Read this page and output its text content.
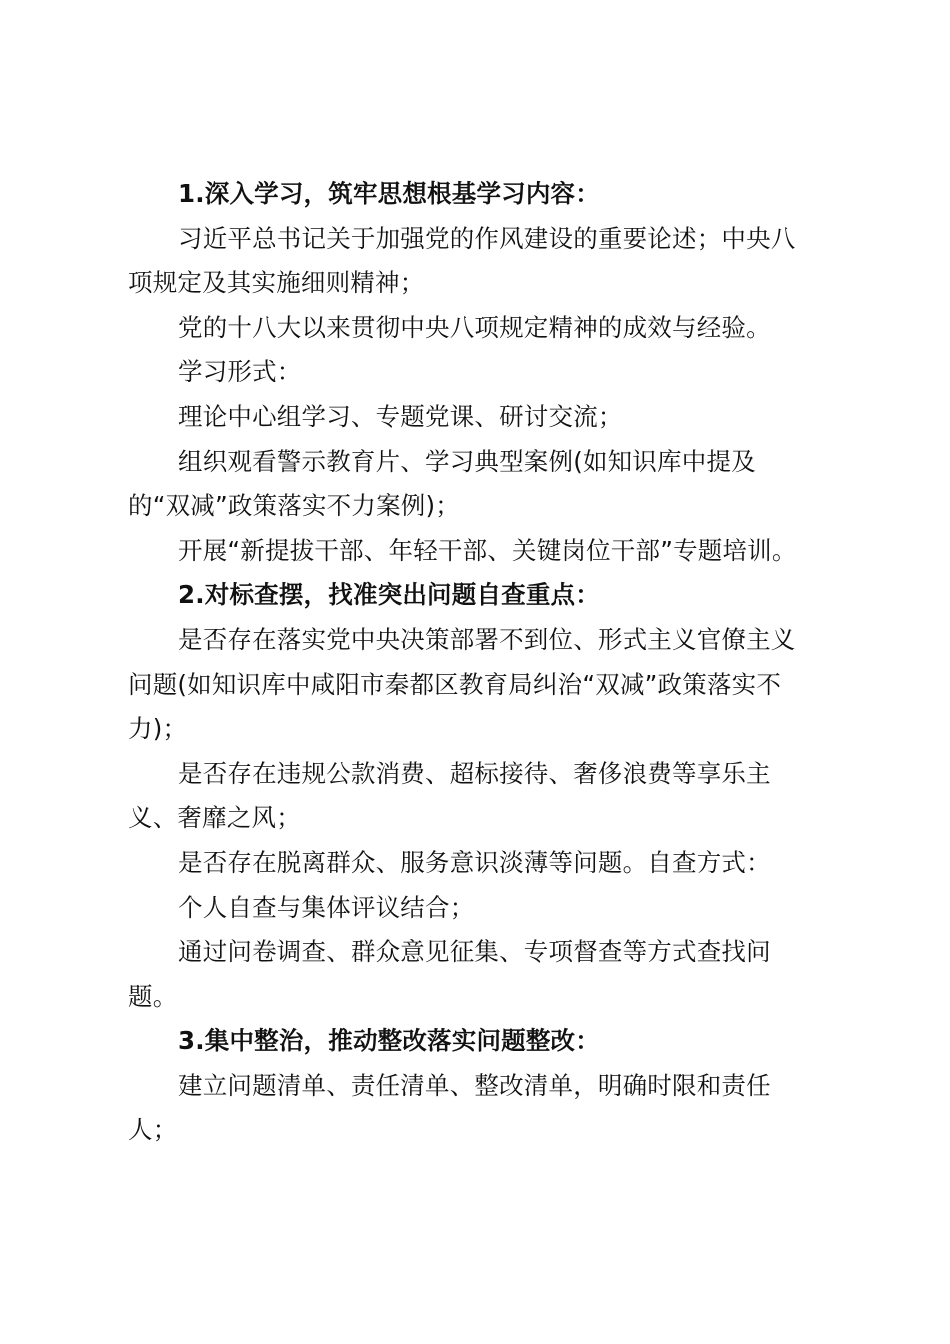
1.深入学习，筑牢思想根基学习内容：

习近平总书记关于加强党的作风建设的重要论述；中央八项规定及其实施细则精神；

党的十八大以来贯彻中央八项规定精神的成效与经验。

学习形式：

理论中心组学习、专题党课、研讨交流；

组织观看警示教育片、学习典型案例(如知识库中提及的“双减”政策落实不力案例)；

开展“新提拔干部、年轻干部、关键岗位干部”专题培训。

2.对标查摆，找准突出问题自查重点：

是否存在落实党中央决策部署不到位、形式主义官僚主义问题(如知识库中咸阳市秦都区教育局纠治“双减”政策落实不力)；

是否存在违规公款消费、超标接待、奢侈浪费等享乐主义、奢靡之风；

是否存在脱离群众、服务意识淡薄等问题。自查方式：

个人自查与集体评议结合；

通过问卷调查、群众意见征集、专项督查等方式查找问题。

3.集中整治，推动整改落实问题整改：

建立问题清单、责任清单、整改清单，明确时限和责任人；
